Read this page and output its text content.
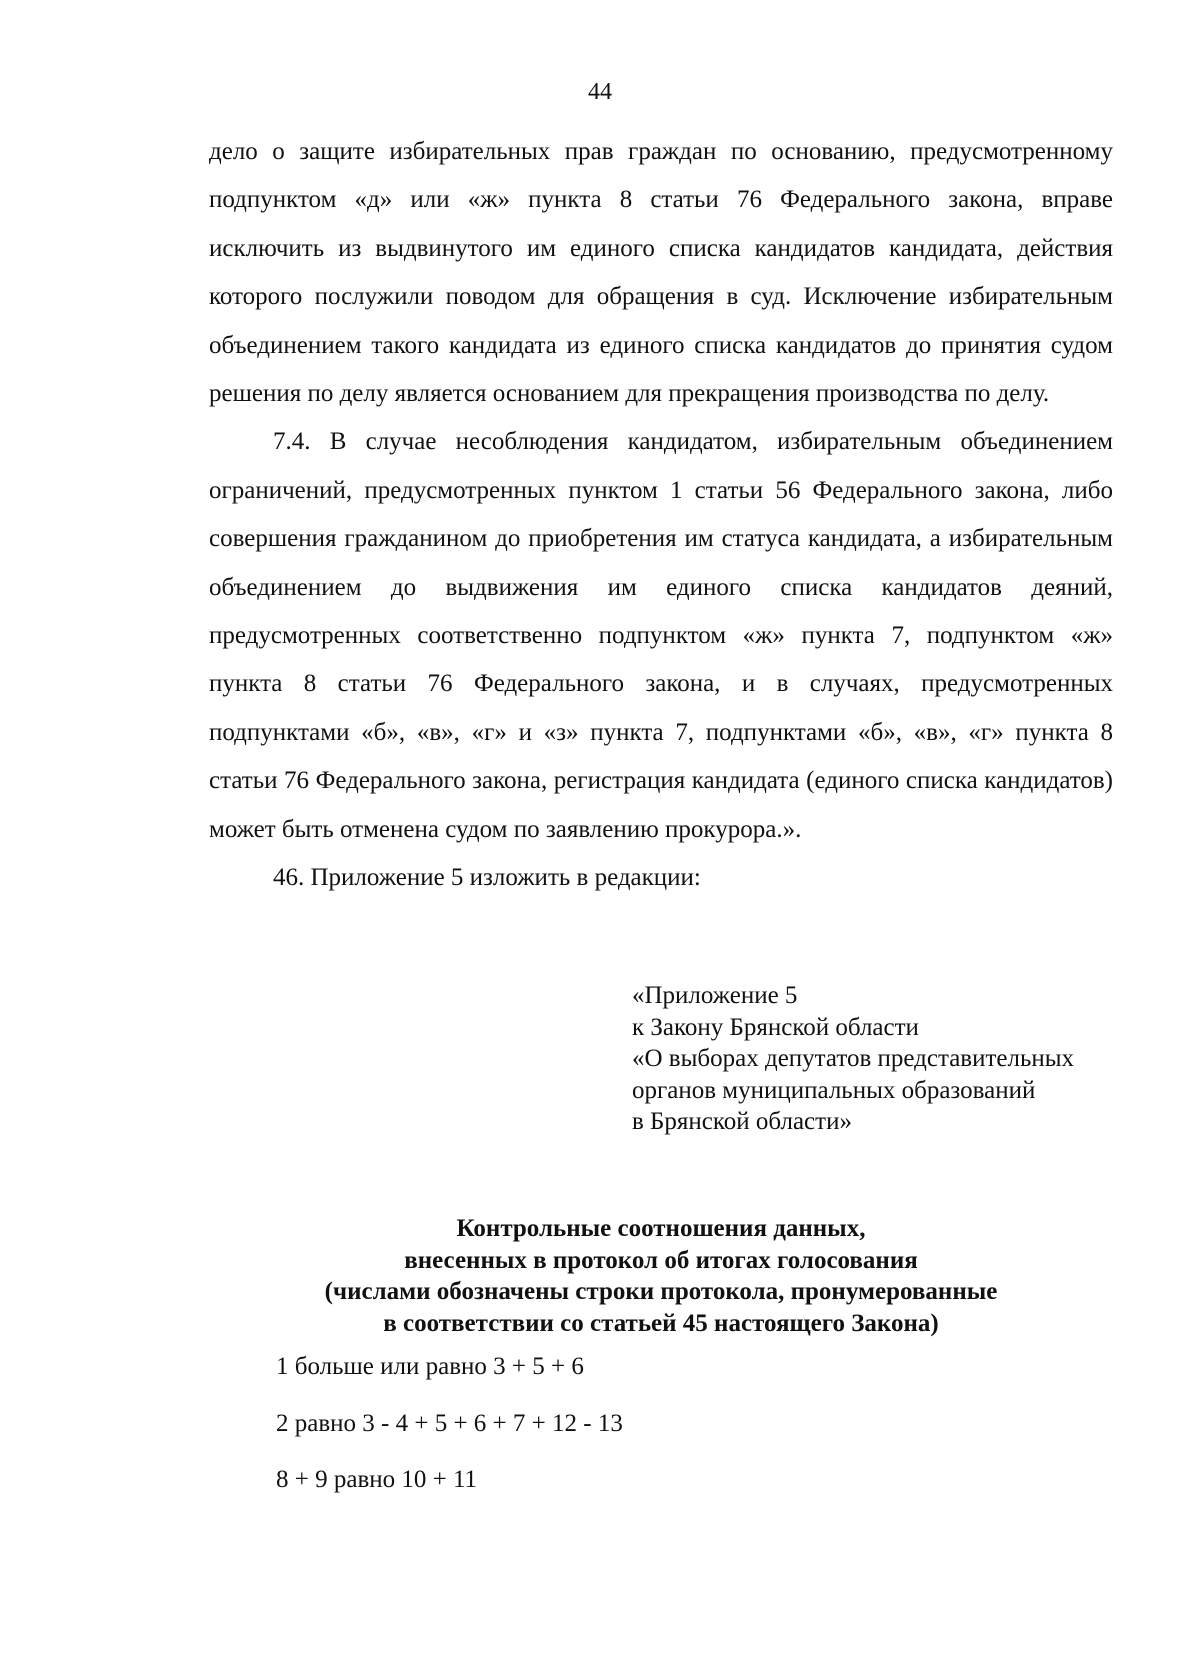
44

дело о защите избирательных прав граждан по основанию, предусмотренному подпунктом «д» или «ж» пункта 8 статьи 76 Федерального закона, вправе исключить из выдвинутого им единого списка кандидатов кандидата, действия которого послужили поводом для обращения в суд. Исключение избирательным объединением такого кандидата из единого списка кандидатов до принятия судом решения по делу является основанием для прекращения производства по делу.

7.4. В случае несоблюдения кандидатом, избирательным объединением ограничений, предусмотренных пунктом 1 статьи 56 Федерального закона, либо совершения гражданином до приобретения им статуса кандидата, а избирательным объединением до выдвижения им единого списка кандидатов деяний, предусмотренных соответственно подпунктом «ж» пункта 7, подпунктом «ж» пункта 8 статьи 76 Федерального закона, и в случаях, предусмотренных подпунктами «б», «в», «г» и «з» пункта 7, подпунктами «б», «в», «г» пункта 8 статьи 76 Федерального закона, регистрация кандидата (единого списка кандидатов) может быть отменена судом по заявлению прокурора.».

46. Приложение 5 изложить в редакции:

«Приложение 5
к Закону Брянской области
«О выборах депутатов представительных
органов муниципальных образований
в Брянской области»
Контрольные соотношения данных,
внесенных в протокол об итогах голосования
(числами обозначены строки протокола, пронумерованные
в соответствии со статьей 45 настоящего Закона)
1 больше или равно 3 + 5 + 6
2 равно 3 - 4 + 5 + 6 + 7 + 12 - 13
8 + 9 равно 10 + 11
